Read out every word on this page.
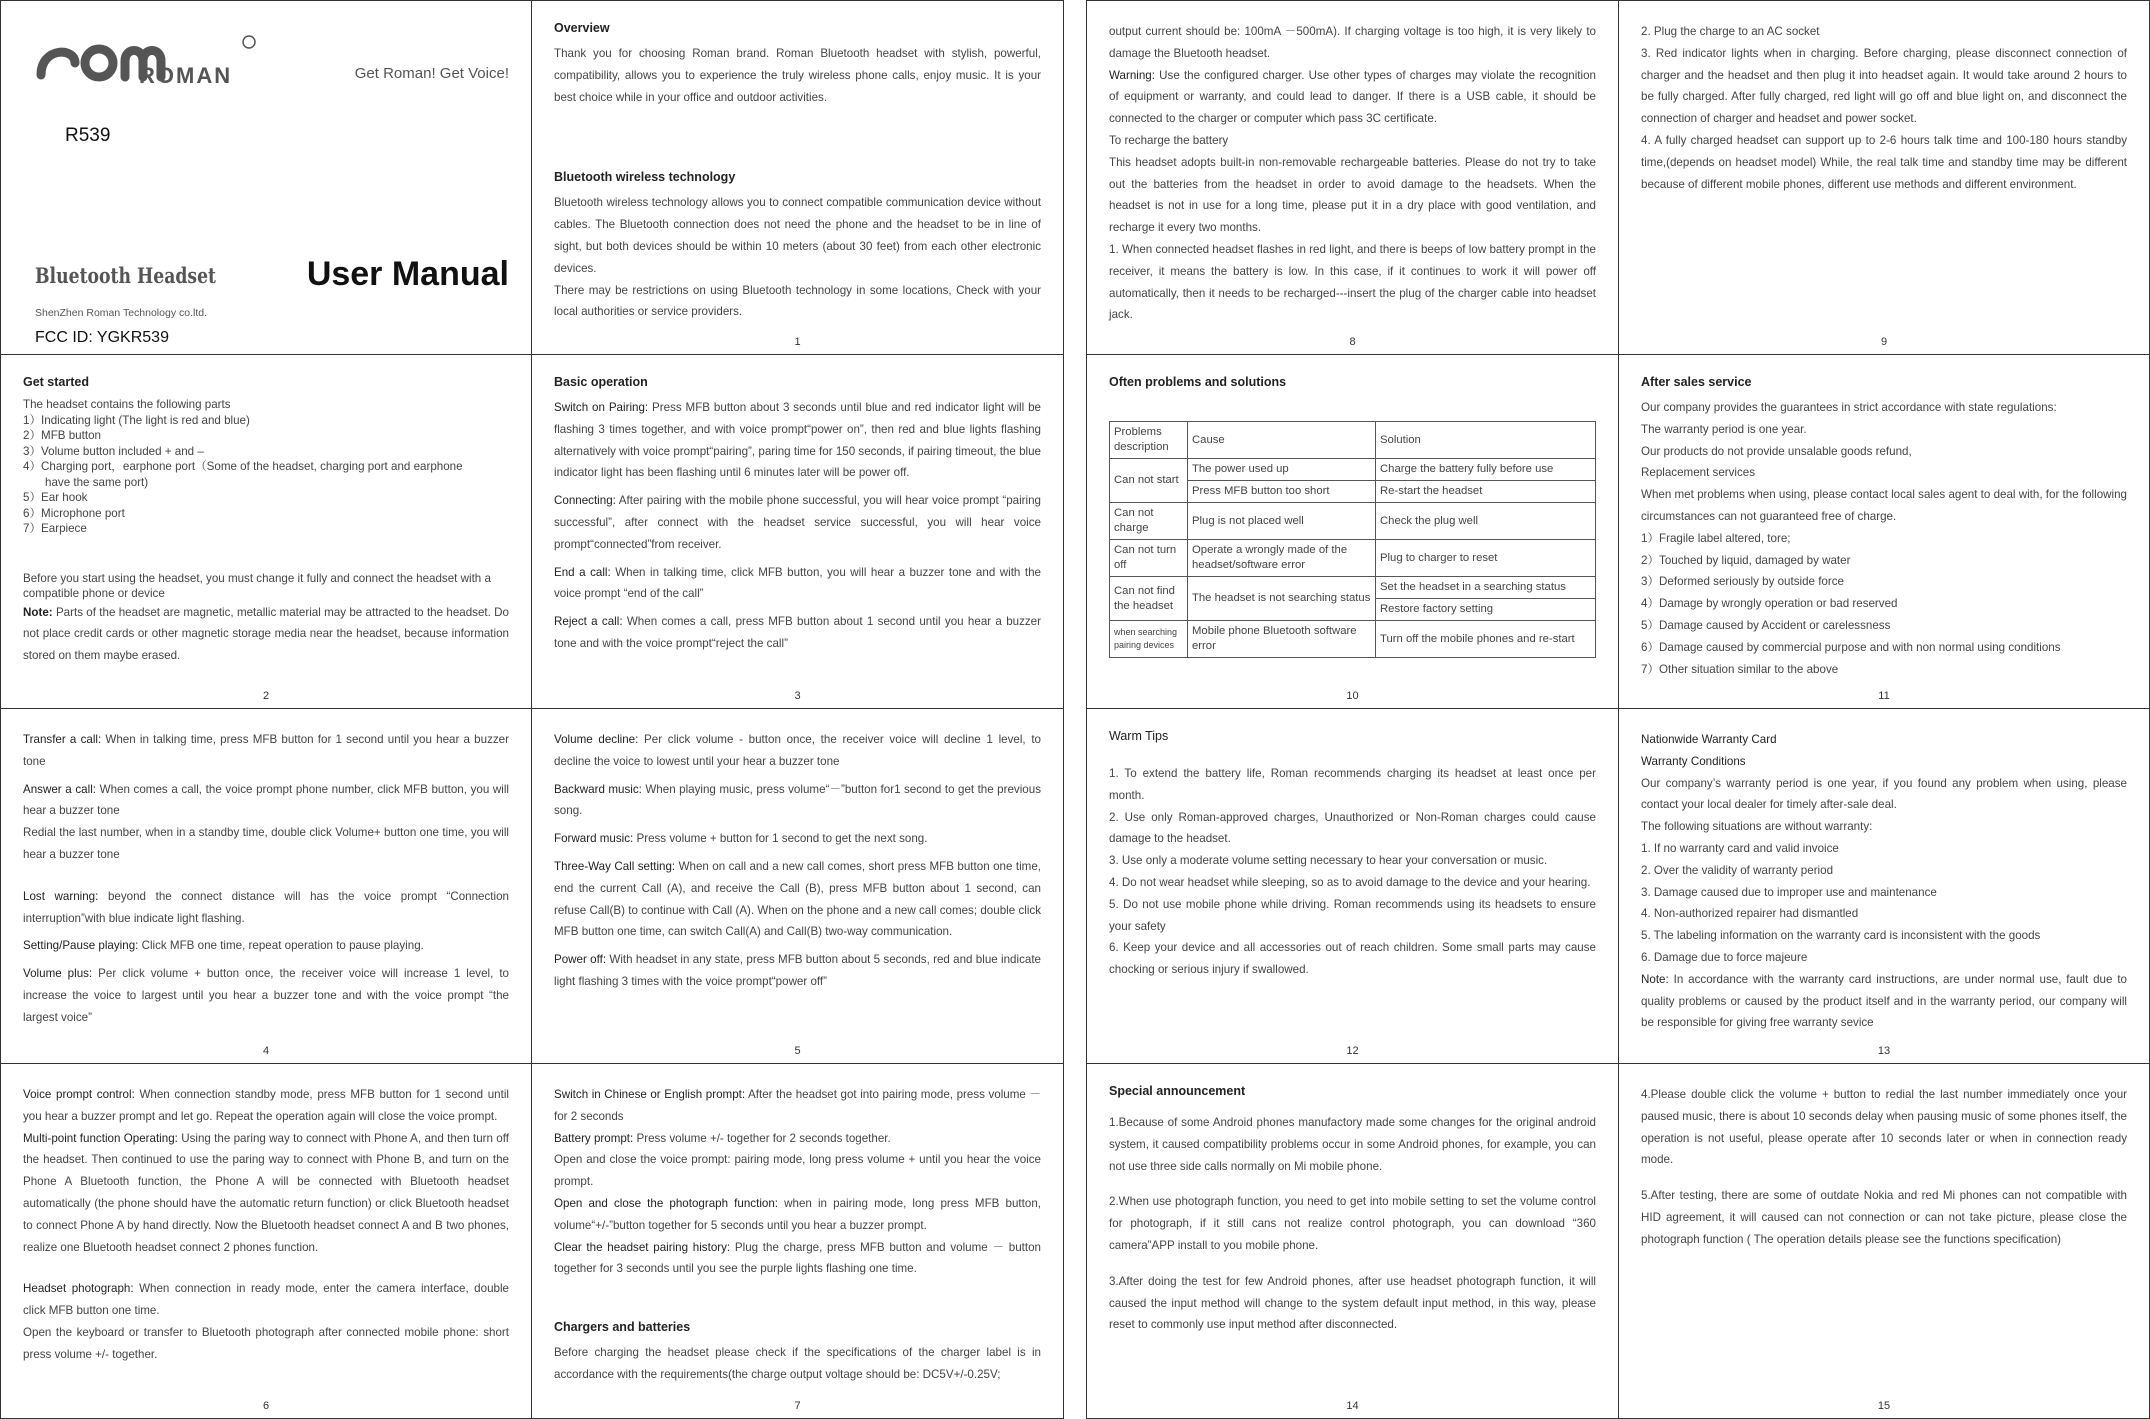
ROMAN	Get Roman! Get Voice!
R539
Bluetooth Headset	User Manual
ShenZhen Roman Technology co.ltd.
FCC ID: YGKR539
Overview

Thank you for choosing Roman brand. Roman Bluetooth headset with stylish, powerful, compatibility, allows you to experience the truly wireless phone calls, enjoy music. It is your best choice while in your office and outdoor activities.

Bluetooth wireless technology

Bluetooth wireless technology allows you to connect compatible communication device without cables. The Bluetooth connection does not need the phone and the headset to be in line of sight, but both devices should be within 10 meters (about 30 feet) from each other electronic devices.

There may be restrictions on using Bluetooth technology in some locations, Check with your local authorities or service providers.

1

output current should be: 100mA －500mA). If charging voltage is too high, it is very likely to damage the Bluetooth headset.

Warning: Use the configured charger. Use other types of charges may violate the recognition of equipment or warranty, and could lead to danger. If there is a USB cable, it should be connected to the charger or computer which pass 3C certificate.

To recharge the battery

This headset adopts built-in non-removable rechargeable batteries. Please do not try to take out the batteries from the headset in order to avoid damage to the headsets. When the headset is not in use for a long time, please put it in a dry place with good ventilation, and recharge it every two months.

1. When connected headset flashes in red light, and there is beeps of low battery prompt in the receiver, it means the battery is low. In this case, if it continues to work it will power off automatically, then it needs to be recharged---insert the plug of the charger cable into headset jack.

8

2. Plug the charge to an AC socket

3. Red indicator lights when in charging. Before charging, please disconnect connection of charger and the headset and then plug it into headset again. It would take around 2 hours to be fully charged. After fully charged, red light will go off and blue light on, and disconnect the connection of charger and headset and power socket.

4. A fully charged headset can support up to 2-6 hours talk time and 100-180 hours standby time,(depends on headset model) While, the real talk time and standby time may be different because of different mobile phones, different use methods and different environment.

9
Get started
The headset contains the following parts
1）Indicating light (The light is red and blue)
2）MFB button
3）Volume button included + and –
4）Charging port，earphone port（Some of the headset, charging port and earphone
have the same port)
5）Ear hook
6）Microphone port
7）Earpiece
Before you start using the headset, you must change it fully and connect the headset with a compatible phone or device

Note: Parts of the headset are magnetic, metallic material may be attracted to the headset. Do not place credit cards or other magnetic storage media near the headset, because information stored on them maybe erased.

2
Basic operation

Switch on Pairing: Press MFB button about 3 seconds until blue and red indicator light will be flashing 3 times together, and with voice prompt“power on”, then red and blue lights flashing alternatively with voice prompt“pairing”, paring time for 150 seconds, if pairing timeout, the blue indicator light has been flashing until 6 minutes later will be power off.

Connecting: After pairing with the mobile phone successful, you will hear voice prompt “pairing successful”, after connect with the headset service successful, you will hear voice prompt“connected”from receiver.

End a call: When in talking time, click MFB button, you will hear a buzzer tone and with the voice prompt “end of the call”

Reject a call: When comes a call, press MFB button about 1 second until you hear a buzzer tone and with the voice prompt“reject the call”

3
Often problems and solutions
Problems description	Cause	Solution
Can not start	The power used up	Charge the battery fully before use
	Press MFB button too short	Re-start the headset
Can not charge	Plug is not placed well	Check the plug well
Can not turn off	Operate a wrongly made of the headset/software error	Plug to charger to reset
Can not find the headset	The headset is not searching status	Set the headset in a searching status
		Restore factory setting
when searching pairing devices	Mobile phone Bluetooth software error	Turn off the mobile phones and re-start
10
After sales service

Our company provides the guarantees in strict accordance with state regulations:

The warranty period is one year.

Our products do not provide unsalable goods refund,

Replacement services

When met problems when using, please contact local sales agent to deal with, for the following circumstances can not guaranteed free of charge.

1）Fragile label altered, tore;

2）Touched by liquid, damaged by water

3）Deformed seriously by outside force

4）Damage by wrongly operation or bad reserved

5）Damage caused by Accident or carelessness

6）Damage caused by commercial purpose and with non normal using conditions

7）Other situation similar to the above

11

Transfer a call: When in talking time, press MFB button for 1 second until you hear a buzzer tone

Answer a call: When comes a call, the voice prompt phone number, click MFB button, you will hear a buzzer tone

Redial the last number, when in a standby time, double click Volume+ button one time, you will hear a buzzer tone

Lost warning: beyond the connect distance will has the voice prompt “Connection interruption”with blue indicate light flashing.

Setting/Pause playing: Click MFB one time, repeat operation to pause playing.

Volume plus: Per click volume + button once, the receiver voice will increase 1 level, to increase the voice to largest until you hear a buzzer tone and with the voice prompt “the largest voice”

4

Volume decline: Per click volume - button once, the receiver voice will decline 1 level, to decline the voice to lowest until your hear a buzzer tone

Backward music: When playing music, press volume“－”button for1 second to get the previous song.

Forward music: Press volume + button for 1 second to get the next song.

Three-Way Call setting: When on call and a new call comes, short press MFB button one time, end the current Call (A), and receive the Call (B), press MFB button about 1 second, can refuse Call(B) to continue with Call (A). When on the phone and a new call comes; double click MFB button one time, can switch Call(A) and Call(B) two-way communication.

Power off: With headset in any state, press MFB button about 5 seconds, red and blue indicate light flashing 3 times with the voice prompt“power off”

5
Warm Tips

1. To extend the battery life, Roman recommends charging its headset at least once per month.

2. Use only Roman-approved charges, Unauthorized or Non-Roman charges could cause damage to the headset.

3. Use only a moderate volume setting necessary to hear your conversation or music.

4. Do not wear headset while sleeping, so as to avoid damage to the device and your hearing.

5. Do not use mobile phone while driving. Roman recommends using its headsets to ensure your safety

6. Keep your device and all accessories out of reach children. Some small parts may cause chocking or serious injury if swallowed.

12

Nationwide Warranty Card

Warranty Conditions

Our company’s warranty period is one year, if you found any problem when using, please contact your local dealer for timely after-sale deal.

The following situations are without warranty:

1. If no warranty card and valid invoice

2. Over the validity of warranty period

3. Damage caused due to improper use and maintenance

4. Non-authorized repairer had dismantled

5. The labeling information on the warranty card is inconsistent with the goods

6. Damage due to force majeure

Note: In accordance with the warranty card instructions, are under normal use, fault due to quality problems or caused by the product itself and in the warranty period, our company will be responsible for giving free warranty sevice

13

Voice prompt control: When connection standby mode, press MFB button for 1 second until you hear a buzzer prompt and let go. Repeat the operation again will close the voice prompt.

Multi-point function Operating: Using the paring way to connect with Phone A, and then turn off the headset. Then continued to use the paring way to connect with Phone B, and turn on the Phone A Bluetooth function, the Phone A will be connected with Bluetooth headset automatically (the phone should have the automatic return function) or click Bluetooth headset to connect Phone A by hand directly. Now the Bluetooth headset connect A and B two phones, realize one Bluetooth headset connect 2 phones function.

Headset photograph: When connection in ready mode, enter the camera interface, double click MFB button one time.

Open the keyboard or transfer to Bluetooth photograph after connected mobile phone: short press volume +/- together.

6

Switch in Chinese or English prompt: After the headset got into pairing mode, press volume －for 2 seconds

Battery prompt: Press volume +/- together for 2 seconds together.

Open and close the voice prompt: pairing mode, long press volume + until you hear the voice prompt.

Open and close the photograph function: when in pairing mode, long press MFB button, volume“+/-”button together for 5 seconds until you hear a buzzer prompt.

Clear the headset pairing history: Plug the charge, press MFB button and volume － button together for 3 seconds until you see the purple lights flashing one time.

Chargers and batteries

Before charging the headset please check if the specifications of the charger label is in accordance with the requirements(the charge output voltage should be: DC5V+/-0.25V;

7
Special announcement

1.Because of some Android phones manufactory made some changes for the original android system, it caused compatibility problems occur in some Android phones, for example, you can not use three side calls normally on Mi mobile phone.

2.When use photograph function, you need to get into mobile setting to set the volume control for photograph, if it still cans not realize control photograph, you can download “360 camera”APP install to you mobile phone.

3.After doing the test for few Android phones, after use headset photograph function, it will caused the input method will change to the system default input method, in this way, please reset to commonly use input method after disconnected.

14

4.Please double click the volume + button to redial the last number immediately once your paused music, there is about 10 seconds delay when pausing music of some phones itself, the operation is not useful, please operate after 10 seconds later or when in connection ready mode.

5.After testing, there are some of outdate Nokia and red Mi phones can not compatible with HID agreement, it will caused can not connection or can not take picture, please close the photograph function ( The operation details please see the functions specification)

15
